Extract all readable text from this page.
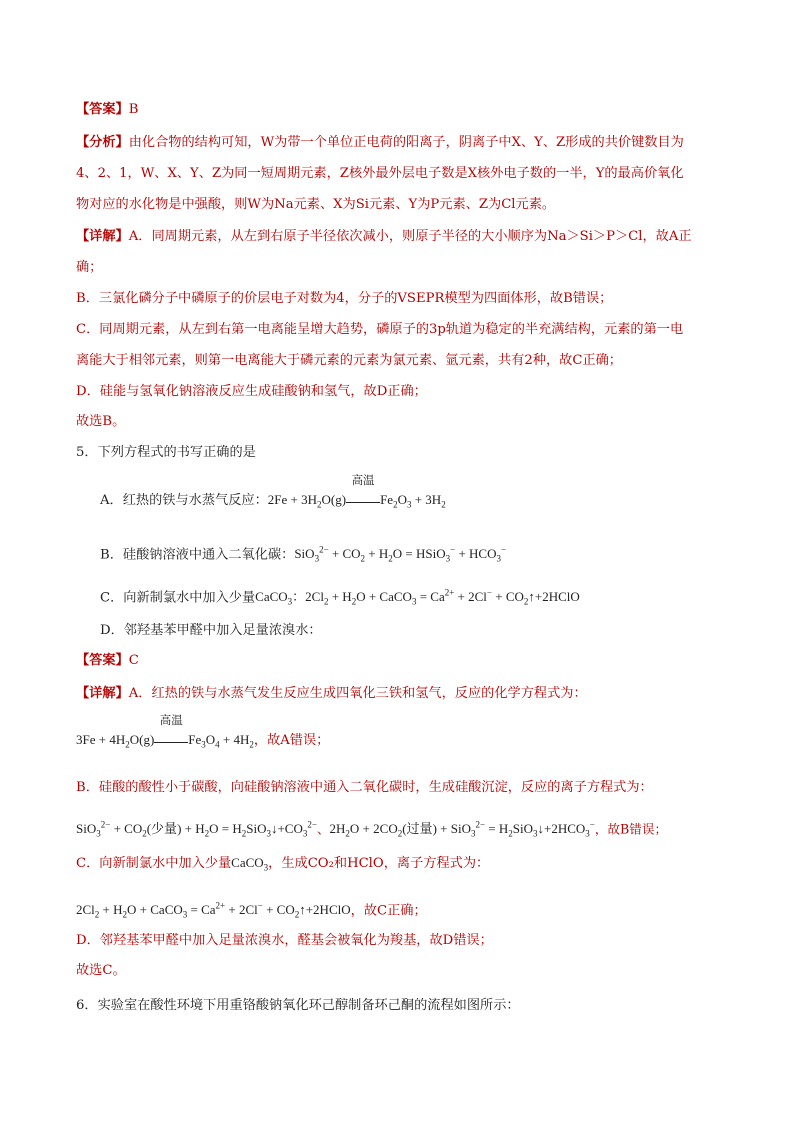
【答案】B
【分析】由化合物的结构可知，W为带一个单位正电荷的阳离子，阴离子中X、Y、Z形成的共价键数目为
4、2、1，W、X、Y、Z为同一短周期元素，Z核外最外层电子数是X核外电子数的一半，Y的最高价氧化
物对应的水化物是中强酸，则W为Na元素、X为Si元素、Y为P元素、Z为Cl元素。
【详解】A．同周期元素，从左到右原子半径依次减小，则原子半径的大小顺序为Na＞Si＞P＞Cl，故A正
确；
B．三氯化磷分子中磷原子的价层电子对数为4，分子的VSEPR模型为四面体形，故B错误；
C．同周期元素，从左到右第一电离能呈增大趋势，磷原子的3p轨道为稳定的半充满结构，元素的第一电
离能大于相邻元素，则第一电离能大于磷元素的元素为氯元素、氩元素，共有2种，故C正确；
D．硅能与氢氧化钠溶液反应生成硅酸钠和氢气，故D正确；
故选B。
5．下列方程式的书写正确的是
A．红热的铁与水蒸气反应：$2Fe + 3H_2O(g)$
高温
$Fe_2O_3 + 3H_2$
B．硅酸钠溶液中通入二氧化碳：$SiO_3^{2-} + CO_2 + H_2O$ = HSiO$_3$− + $HCO_3^-$
C．向新制氯水中加入少量CaCO$_3$：$2Cl_2 + H_2O$ + CaCO$_3$ = $Ca^{2+} + 2Cl^-$ + $CO_2↑+2HClO$
D．邻羟基苯甲醛中加入足量浓溴水：
【答案】C
【详解】A．红热的铁与水蒸气发生反应生成四氧化三铁和氢气，反应的化学方程式为：
$3Fe + 4H_2O(g)$
高温
$Fe_3O_4 + 4H_2$，故A错误；
B．硅酸的酸性小于碳酸，向硅酸钠溶液中通入二氧化碳时，生成硅酸沉淀，反应的离子方程式为：
$SiO_3^{2-} + CO_2$(少量) + $H_2O$ = $H_2SiO_3↓+CO_3^{2-}$、$2H_2O + 2CO_2$(过量) + $SiO_3^{2-} = H_2SiO_3↓+2HCO_3^-$，故B错误；
C．向新制氯水中加入少量CaCO$_3$，生成CO₂和HClO，离子方程式为：
$2Cl_2 + H_2O$ + CaCO$_3$ = $Ca^{2+} + 2Cl^-$ + $CO_2↑+2HClO$，故C正确；
D．邻羟基苯甲醛中加入足量浓溴水，醛基会被氧化为羧基，故D错误；
故选C。
6．实验室在酸性环境下用重铬酸钠氧化环己醇制备环己酮的流程如图所示：
